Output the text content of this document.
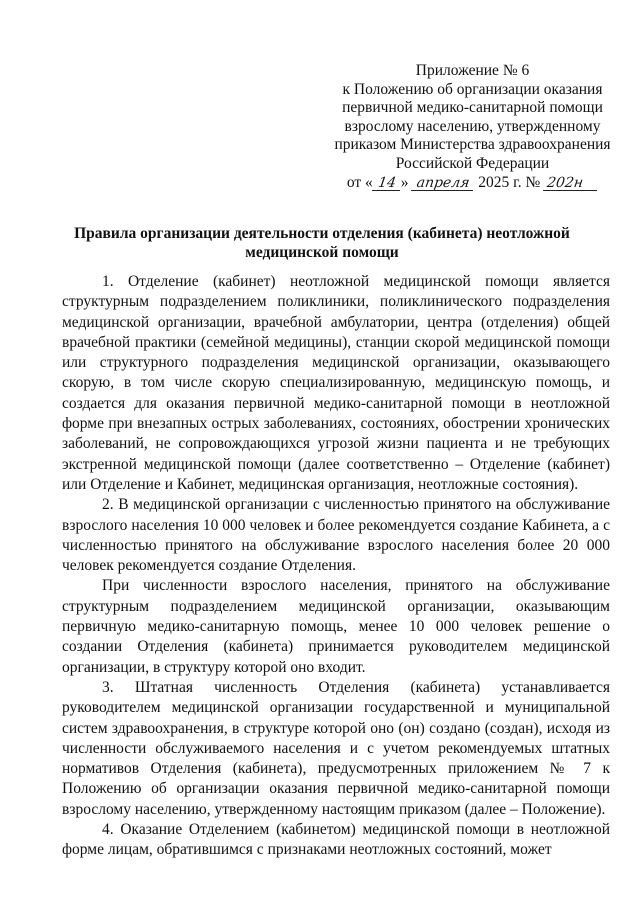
Приложение № 6
к Положению об организации оказания
первичной медико-санитарной помощи
взрослому населению, утвержденному
приказом Министерства здравоохранения
Российской Федерации
от « 14 » апреля 2025 г. № 202н
Правила организации деятельности отделения (кабинета) неотложной медицинской помощи

1. Отделение (кабинет) неотложной медицинской помощи является структурным подразделением поликлиники, поликлинического подразделения медицинской организации, врачебной амбулатории, центра (отделения) общей врачебной практики (семейной медицины), станции скорой медицинской помощи или структурного подразделения медицинской организации, оказывающего скорую, в том числе скорую специализированную, медицинскую помощь, и создается для оказания первичной медико-санитарной помощи в неотложной форме при внезапных острых заболеваниях, состояниях, обострении хронических заболеваний, не сопровождающихся угрозой жизни пациента и не требующих экстренной медицинской помощи (далее соответственно – Отделение (кабинет) или Отделение и Кабинет, медицинская организация, неотложные состояния).

2. В медицинской организации с численностью принятого на обслуживание взрослого населения 10 000 человек и более рекомендуется создание Кабинета, а с численностью принятого на обслуживание взрослого населения более 20 000 человек рекомендуется создание Отделения.

При численности взрослого населения, принятого на обслуживание структурным подразделением медицинской организации, оказывающим первичную медико-санитарную помощь, менее 10 000 человек решение о создании Отделения (кабинета) принимается руководителем медицинской организации, в структуру которой оно входит.

3. Штатная численность Отделения (кабинета) устанавливается руководителем медицинской организации государственной и муниципальной систем здравоохранения, в структуре которой оно (он) создано (создан), исходя из численности обслуживаемого населения и с учетом рекомендуемых штатных нормативов Отделения (кабинета), предусмотренных приложением № 7 к Положению об организации оказания первичной медико-санитарной помощи взрослому населению, утвержденному настоящим приказом (далее – Положение).

4. Оказание Отделением (кабинетом) медицинской помощи в неотложной форме лицам, обратившимся с признаками неотложных состояний, может
